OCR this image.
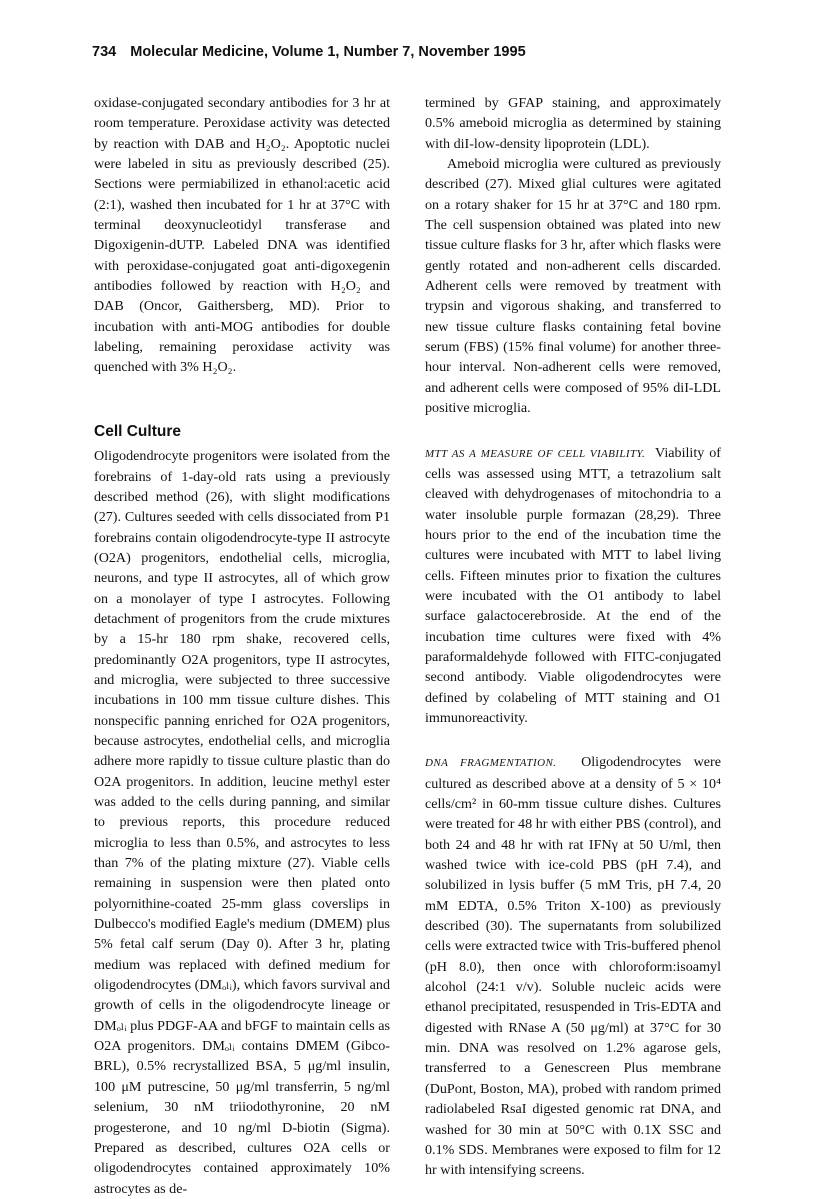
734 Molecular Medicine, Volume 1, Number 7, November 1995

oxidase-conjugated secondary antibodies for 3 hr at room temperature. Peroxidase activity was detected by reaction with DAB and H₂O₂. Apoptotic nuclei were labeled in situ as previously described (25). Sections were permiabilized in ethanol:acetic acid (2:1), washed then incubated for 1 hr at 37°C with terminal deoxynucleotidyl transferase and Digoxigenin-dUTP. Labeled DNA was identified with peroxidase-conjugated goat anti-digoxegenin antibodies followed by reaction with H₂O₂ and DAB (Oncor, Gaithersberg, MD). Prior to incubation with anti-MOG antibodies for double labeling, remaining peroxidase activity was quenched with 3% H₂O₂.

Cell Culture

Oligodendrocyte progenitors were isolated from the forebrains of 1-day-old rats using a previously described method (26), with slight modifications (27). Cultures seeded with cells dissociated from P1 forebrains contain oligodendrocyte-type II astrocyte (O2A) progenitors, endothelial cells, microglia, neurons, and type II astrocytes, all of which grow on a monolayer of type I astrocytes. Following detachment of progenitors from the crude mixtures by a 15-hr 180 rpm shake, recovered cells, predominantly O2A progenitors, type II astrocytes, and microglia, were subjected to three successive incubations in 100 mm tissue culture dishes. This nonspecific panning enriched for O2A progenitors, because astrocytes, endothelial cells, and microglia adhere more rapidly to tissue culture plastic than do O2A progenitors. In addition, leucine methyl ester was added to the cells during panning, and similar to previous reports, this procedure reduced microglia to less than 0.5%, and astrocytes to less than 7% of the plating mixture (27). Viable cells remaining in suspension were then plated onto polyornithine-coated 25-mm glass coverslips in Dulbecco's modified Eagle's medium (DMEM) plus 5% fetal calf serum (Day 0). After 3 hr, plating medium was replaced with defined medium for oligodendrocytes (DMₒₗᵢ), which favors survival and growth of cells in the oligodendrocyte lineage or DMₒₗᵢ plus PDGF-AA and bFGF to maintain cells as O2A progenitors. DMₒₗᵢ contains DMEM (Gibco-BRL), 0.5% recrystallized BSA, 5 μg/ml insulin, 100 μM putrescine, 50 μg/ml transferrin, 5 ng/ml selenium, 30 nM triiodothyronine, 20 nM progesterone, and 10 ng/ml D-biotin (Sigma). Prepared as described, cultures O2A cells or oligodendrocytes contained approximately 10% astrocytes as de-

termined by GFAP staining, and approximately 0.5% ameboid microglia as determined by staining with diI-low-density lipoprotein (LDL).

Ameboid microglia were cultured as previously described (27). Mixed glial cultures were agitated on a rotary shaker for 15 hr at 37°C and 180 rpm. The cell suspension obtained was plated into new tissue culture flasks for 3 hr, after which flasks were gently rotated and non-adherent cells discarded. Adherent cells were removed by treatment with trypsin and vigorous shaking, and transferred to new tissue culture flasks containing fetal bovine serum (FBS) (15% final volume) for another three-hour interval. Non-adherent cells were removed, and adherent cells were composed of 95% diI-LDL positive microglia.

MTT AS A MEASURE OF CELL VIABILITY. Viability of cells was assessed using MTT, a tetrazolium salt cleaved with dehydrogenases of mitochondria to a water insoluble purple formazan (28,29). Three hours prior to the end of the incubation time the cultures were incubated with MTT to label living cells. Fifteen minutes prior to fixation the cultures were incubated with the O1 antibody to label surface galactocerebroside. At the end of the incubation time cultures were fixed with 4% paraformaldehyde followed with FITC-conjugated second antibody. Viable oligodendrocytes were defined by colabeling of MTT staining and O1 immunoreactivity.

DNA FRAGMENTATION. Oligodendrocytes were cultured as described above at a density of 5 × 10⁴ cells/cm² in 60-mm tissue culture dishes. Cultures were treated for 48 hr with either PBS (control), and both 24 and 48 hr with rat IFNγ at 50 U/ml, then washed twice with ice-cold PBS (pH 7.4), and solubilized in lysis buffer (5 mM Tris, pH 7.4, 20 mM EDTA, 0.5% Triton X-100) as previously described (30). The supernatants from solubilized cells were extracted twice with Tris-buffered phenol (pH 8.0), then once with chloroform:isoamyl alcohol (24:1 v/v). Soluble nucleic acids were ethanol precipitated, resuspended in Tris-EDTA and digested with RNase A (50 μg/ml) at 37°C for 30 min. DNA was resolved on 1.2% agarose gels, transferred to a Genescreen Plus membrane (DuPont, Boston, MA), probed with random primed radiolabeled RsaI digested genomic rat DNA, and washed for 30 min at 50°C with 0.1X SSC and 0.1% SDS. Membranes were exposed to film for 12 hr with intensifying screens.
